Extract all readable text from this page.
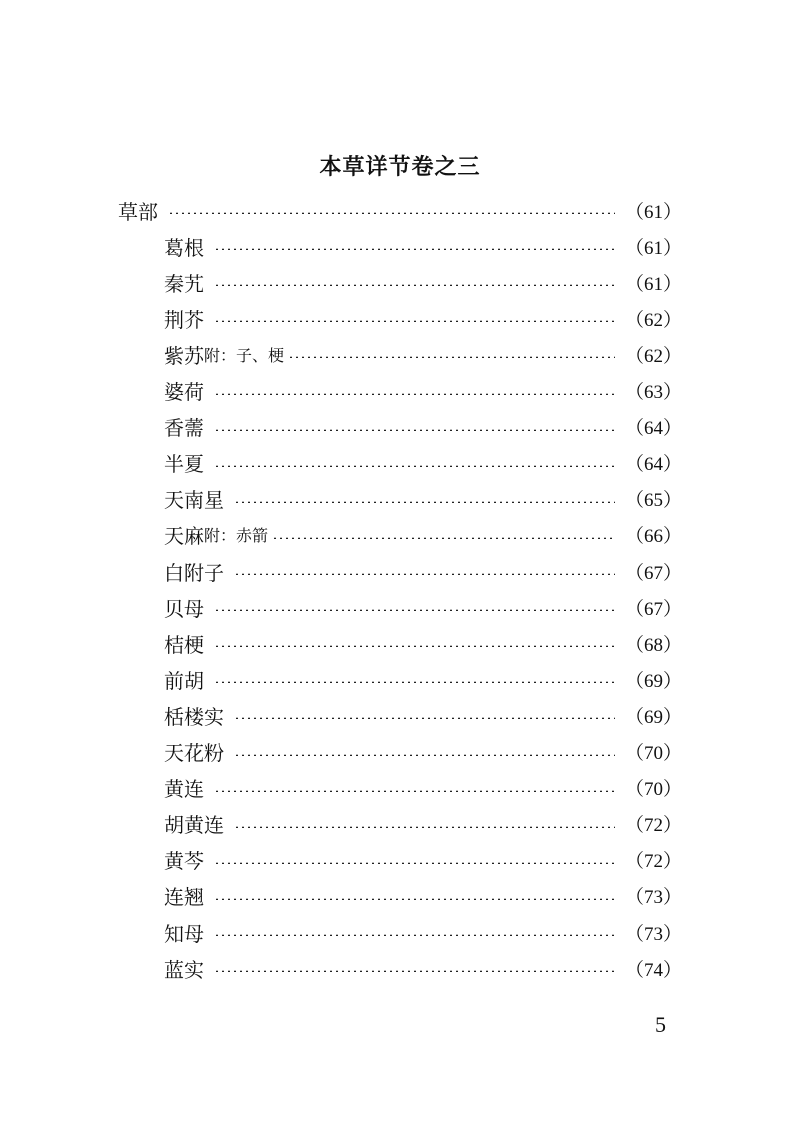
本草详节卷之三
草部	（61）
葛根	（61）
秦艽	（61）
荆芥	（62）
紫苏 附：子、梗	（62）
婆荷	（63）
香薷	（64）
半夏	（64）
天南星	（65）
天麻 附：赤箭	（66）
白附子	（67）
贝母	（67）
桔梗	（68）
前胡	（69）
栝楼实	（69）
天花粉	（70）
黄连	（70）
胡黄连	（72）
黄芩	（72）
连翘	（73）
知母	（73）
蓝实	（74）
5
